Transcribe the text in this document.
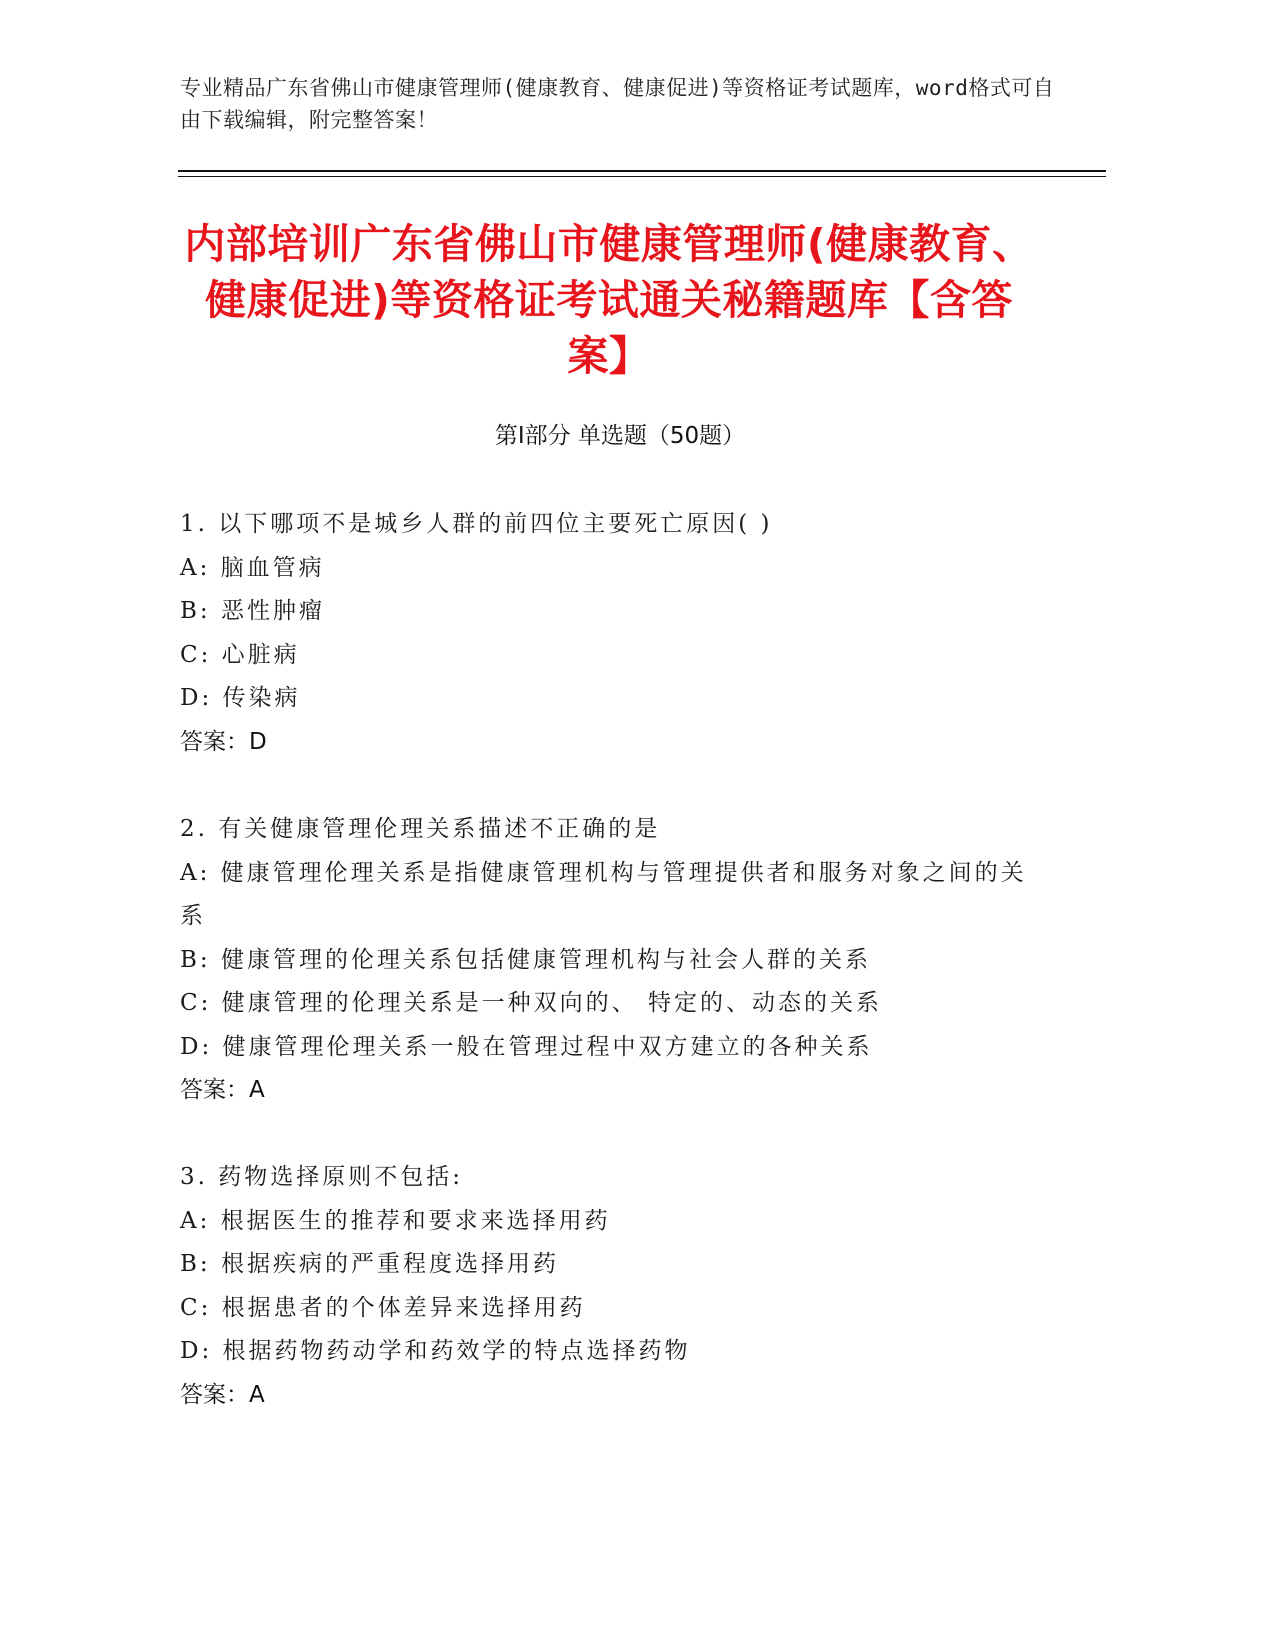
专业精品广东省佛山市健康管理师(健康教育、健康促进)等资格证考试题库，word格式可自由下载编辑，附完整答案！
内部培训广东省佛山市健康管理师(健康教育、健康促进)等资格证考试通关秘籍题库【含答案】
第Ⅰ部分 单选题（50题）
1. 以下哪项不是城乡人群的前四位主要死亡原因( )
A: 脑血管病
B: 恶性肿瘤
C: 心脏病
D: 传染病
答案：D
2. 有关健康管理伦理关系描述不正确的是
A: 健康管理伦理关系是指健康管理机构与管理提供者和服务对象之间的关系
B: 健康管理的伦理关系包括健康管理机构与社会人群的关系
C: 健康管理的伦理关系是一种双向的、 特定的、动态的关系
D: 健康管理伦理关系一般在管理过程中双方建立的各种关系
答案：A
3. 药物选择原则不包括:
A: 根据医生的推荐和要求来选择用药
B: 根据疾病的严重程度选择用药
C: 根据患者的个体差异来选择用药
D: 根据药物药动学和药效学的特点选择药物
答案：A
